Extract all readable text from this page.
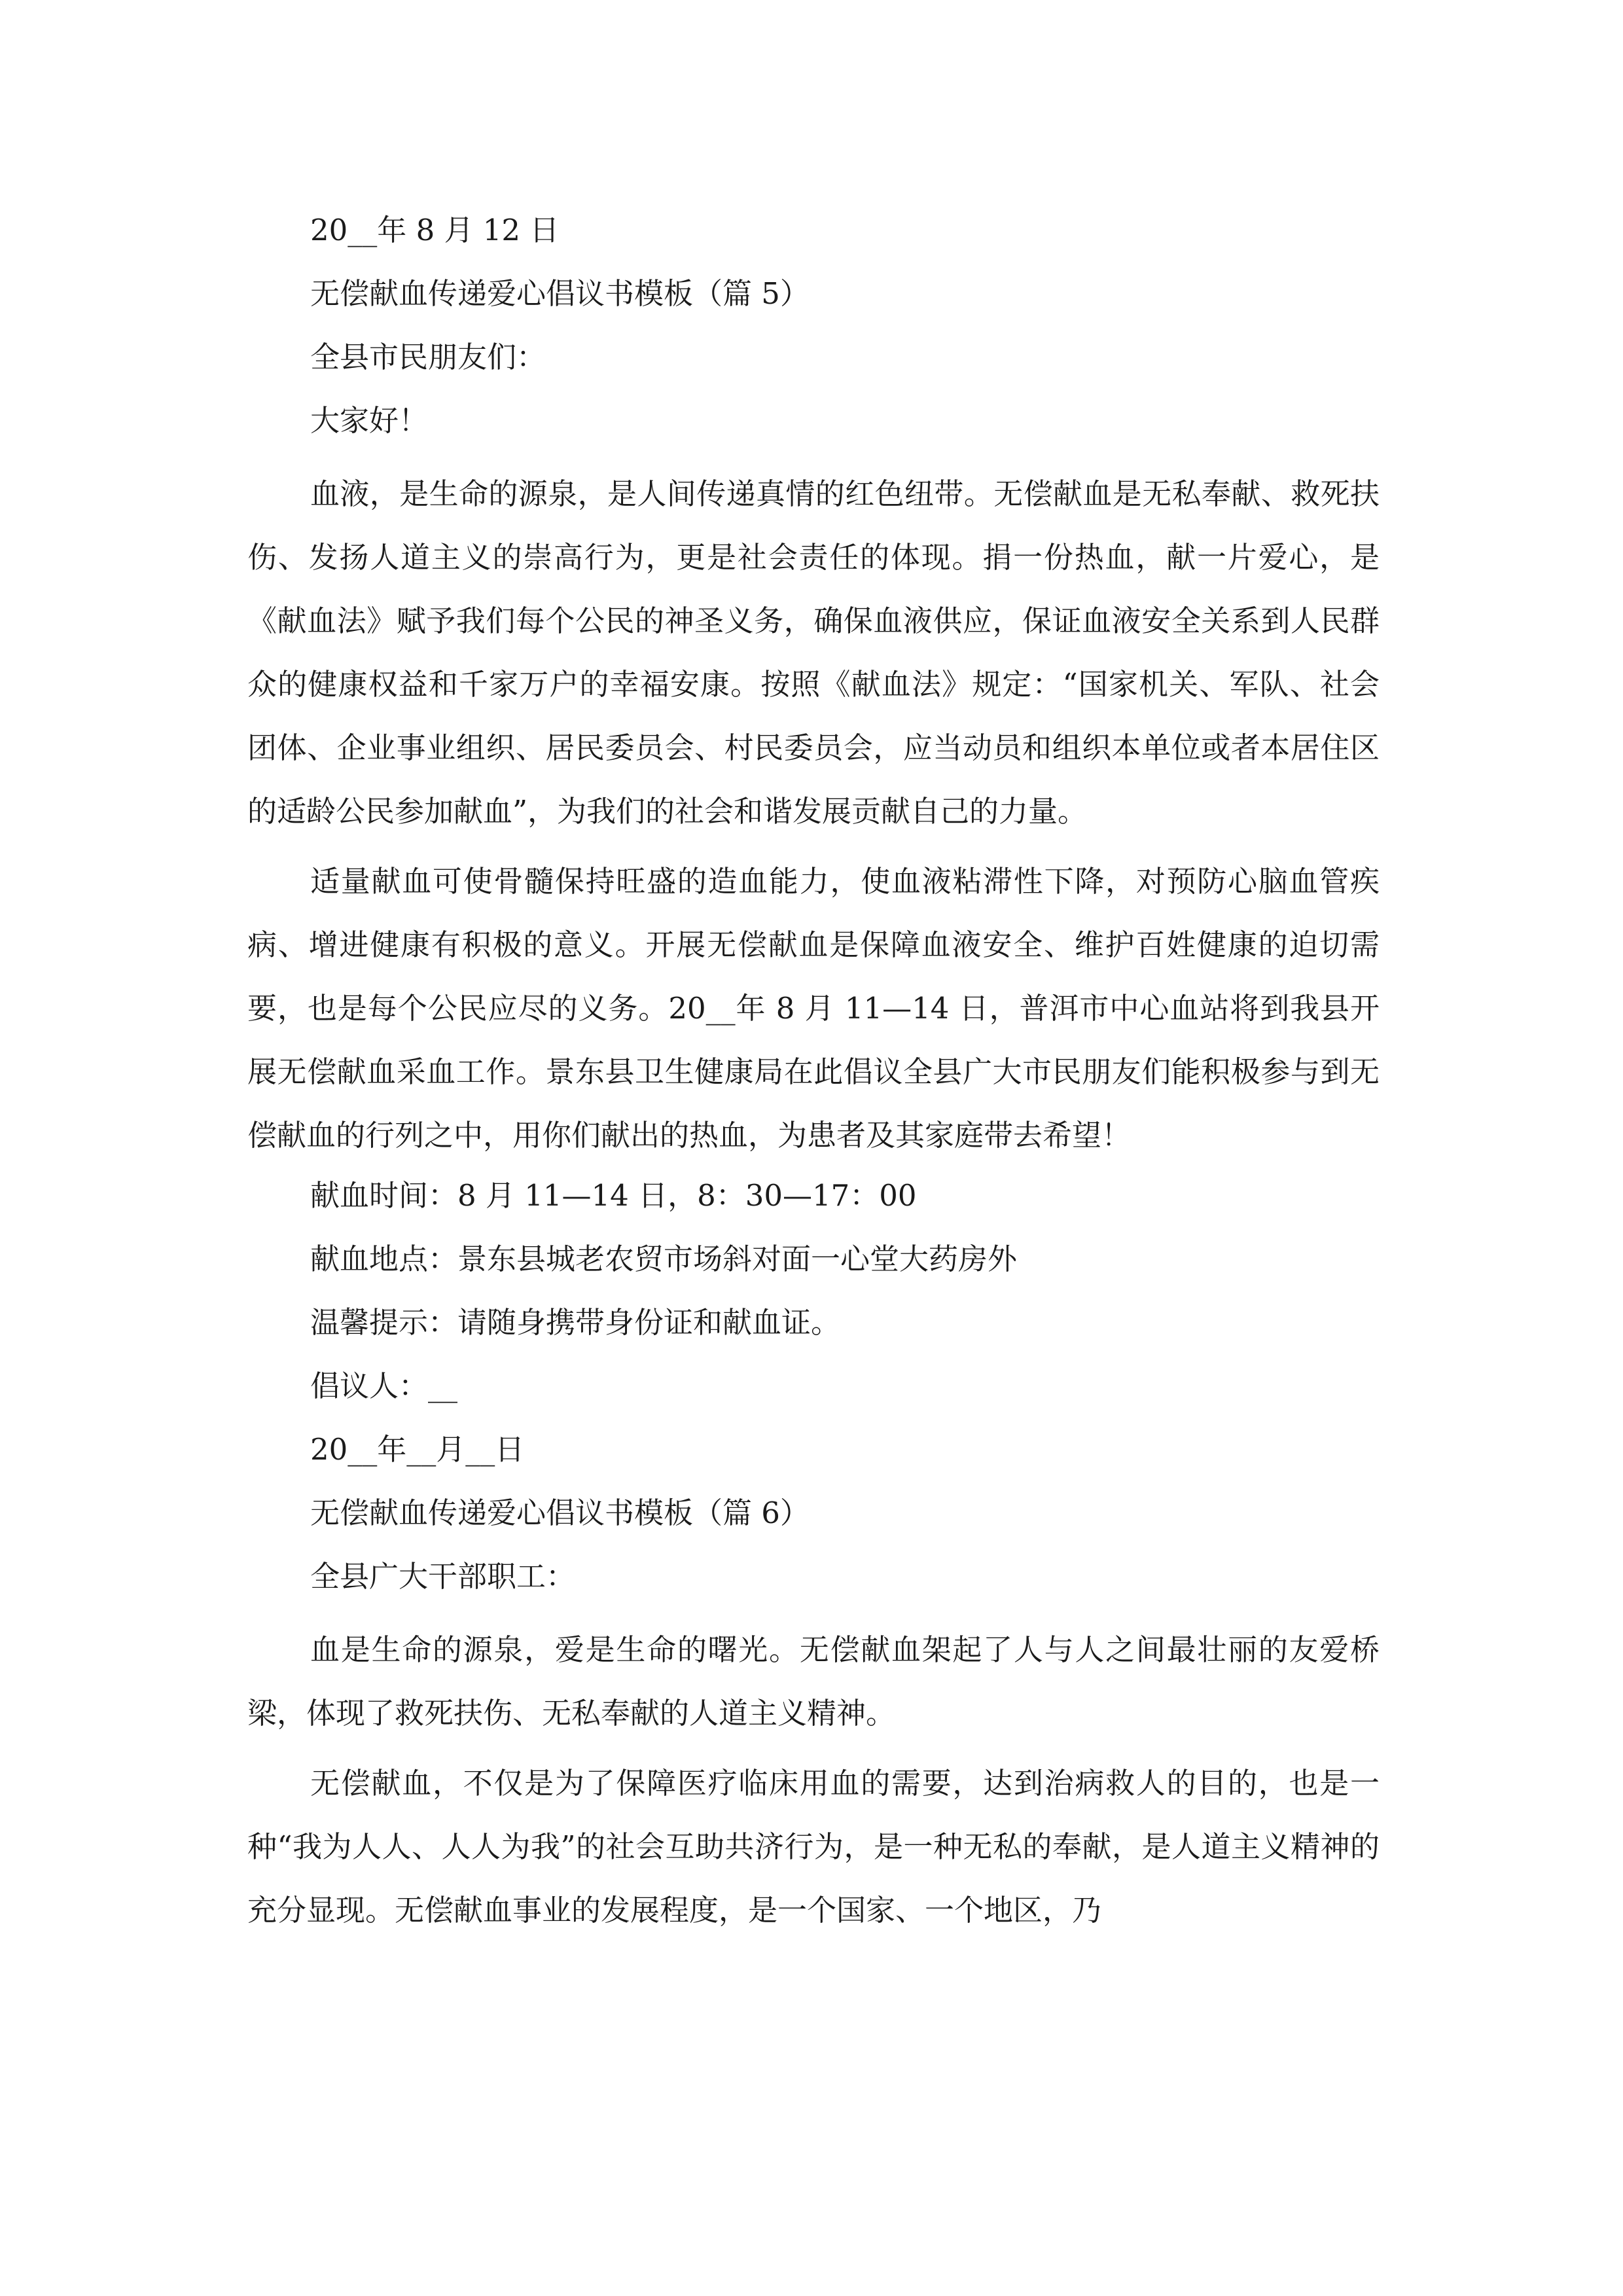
20__年 8 月 12 日
无偿献血传递爱心倡议书模板（篇 5）
全县市民朋友们：
大家好！

血液，是生命的源泉，是人间传递真情的红色纽带。无偿献血是无私奉献、救死扶伤、发扬人道主义的崇高行为，更是社会责任的体现。捐一份热血，献一片爱心，是《献血法》赋予我们每个公民的神圣义务，确保血液供应，保证血液安全关系到人民群众的健康权益和千家万户的幸福安康。按照《献血法》规定：“国家机关、军队、社会团体、企业事业组织、居民委员会、村民委员会，应当动员和组织本单位或者本居住区的适龄公民参加献血”，为我们的社会和谐发展贡献自己的力量。

适量献血可使骨髓保持旺盛的造血能力，使血液粘滞性下降，对预防心脑血管疾病、增进健康有积极的意义。开展无偿献血是保障血液安全、维护百姓健康的迫切需要，也是每个公民应尽的义务。20__年 8 月 11—14 日，普洱市中心血站将到我县开展无偿献血采血工作。景东县卫生健康局在此倡议全县广大市民朋友们能积极参与到无偿献血的行列之中，用你们献出的热血，为患者及其家庭带去希望！

献血时间：8 月 11—14 日，8：30—17：00
献血地点：景东县城老农贸市场斜对面一心堂大药房外
温馨提示：请随身携带身份证和献血证。
倡议人：__
20__年__月__日
无偿献血传递爱心倡议书模板（篇 6）
全县广大干部职工：

血是生命的源泉，爱是生命的曙光。无偿献血架起了人与人之间最壮丽的友爱桥梁，体现了救死扶伤、无私奉献的人道主义精神。

无偿献血，不仅是为了保障医疗临床用血的需要，达到治病救人的目的，也是一种“我为人人、人人为我”的社会互助共济行为，是一种无私的奉献，是人道主义精神的充分显现。无偿献血事业的发展程度，是一个国家、一个地区，乃
